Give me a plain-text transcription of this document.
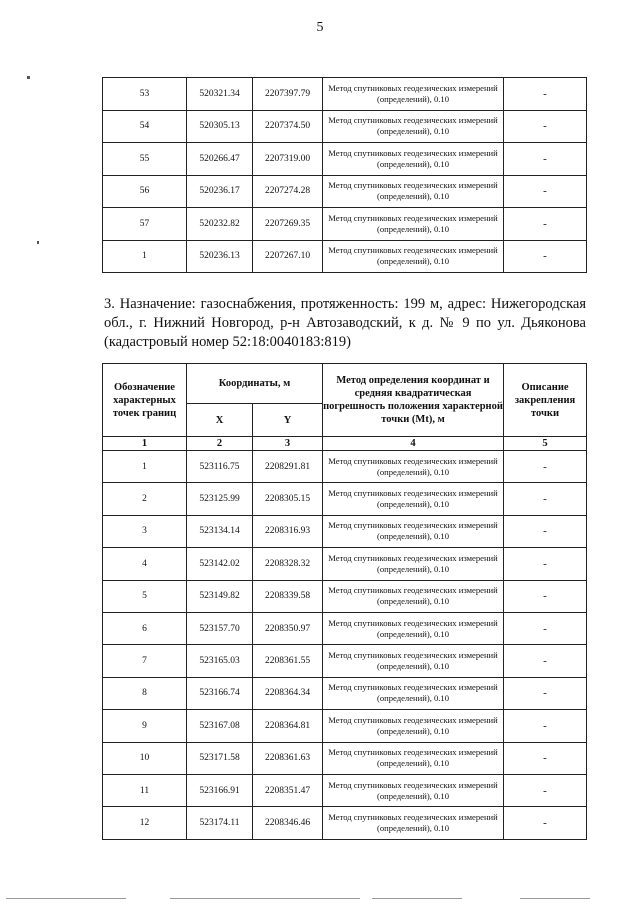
5
53	520321.34	2207397.79	Метод спутниковых геодезических измерений (определений), 0.10	-
54	520305.13	2207374.50	Метод спутниковых геодезических измерений (определений), 0.10	-
55	520266.47	2207319.00	Метод спутниковых геодезических измерений (определений), 0.10	-
56	520236.17	2207274.28	Метод спутниковых геодезических измерений (определений), 0.10	-
57	520232.82	2207269.35	Метод спутниковых геодезических измерений (определений), 0.10	-
1	520236.13	2207267.10	Метод спутниковых геодезических измерений (определений), 0.10	-
3. Назначение: газоснабжения, протяженность: 199 м, адрес: Нижегородская обл., г. Нижний Новгород, р-н Автозаводский, к д. № 9 по ул. Дьяконова (кадастровый номер 52:18:0040183:819)
Обозначение характерных точек границ	Координаты, м		Метод определения координат и средняя квадратическая погрешность положения характерной точки (Mt), м	Описание закрепления точки
	X	Y		
1	2	3	4	5
1	523116.75	2208291.81	Метод спутниковых геодезических измерений (определений), 0.10	-
2	523125.99	2208305.15	Метод спутниковых геодезических измерений (определений), 0.10	-
3	523134.14	2208316.93	Метод спутниковых геодезических измерений (определений), 0.10	-
4	523142.02	2208328.32	Метод спутниковых геодезических измерений (определений), 0.10	-
5	523149.82	2208339.58	Метод спутниковых геодезических измерений (определений), 0.10	-
6	523157.70	2208350.97	Метод спутниковых геодезических измерений (определений), 0.10	-
7	523165.03	2208361.55	Метод спутниковых геодезических измерений (определений), 0.10	-
8	523166.74	2208364.34	Метод спутниковых геодезических измерений (определений), 0.10	-
9	523167.08	2208364.81	Метод спутниковых геодезических измерений (определений), 0.10	-
10	523171.58	2208361.63	Метод спутниковых геодезических измерений (определений), 0.10	-
11	523166.91	2208351.47	Метод спутниковых геодезических измерений (определений), 0.10	-
12	523174.11	2208346.46	Метод спутниковых геодезических измерений (определений), 0.10	-
